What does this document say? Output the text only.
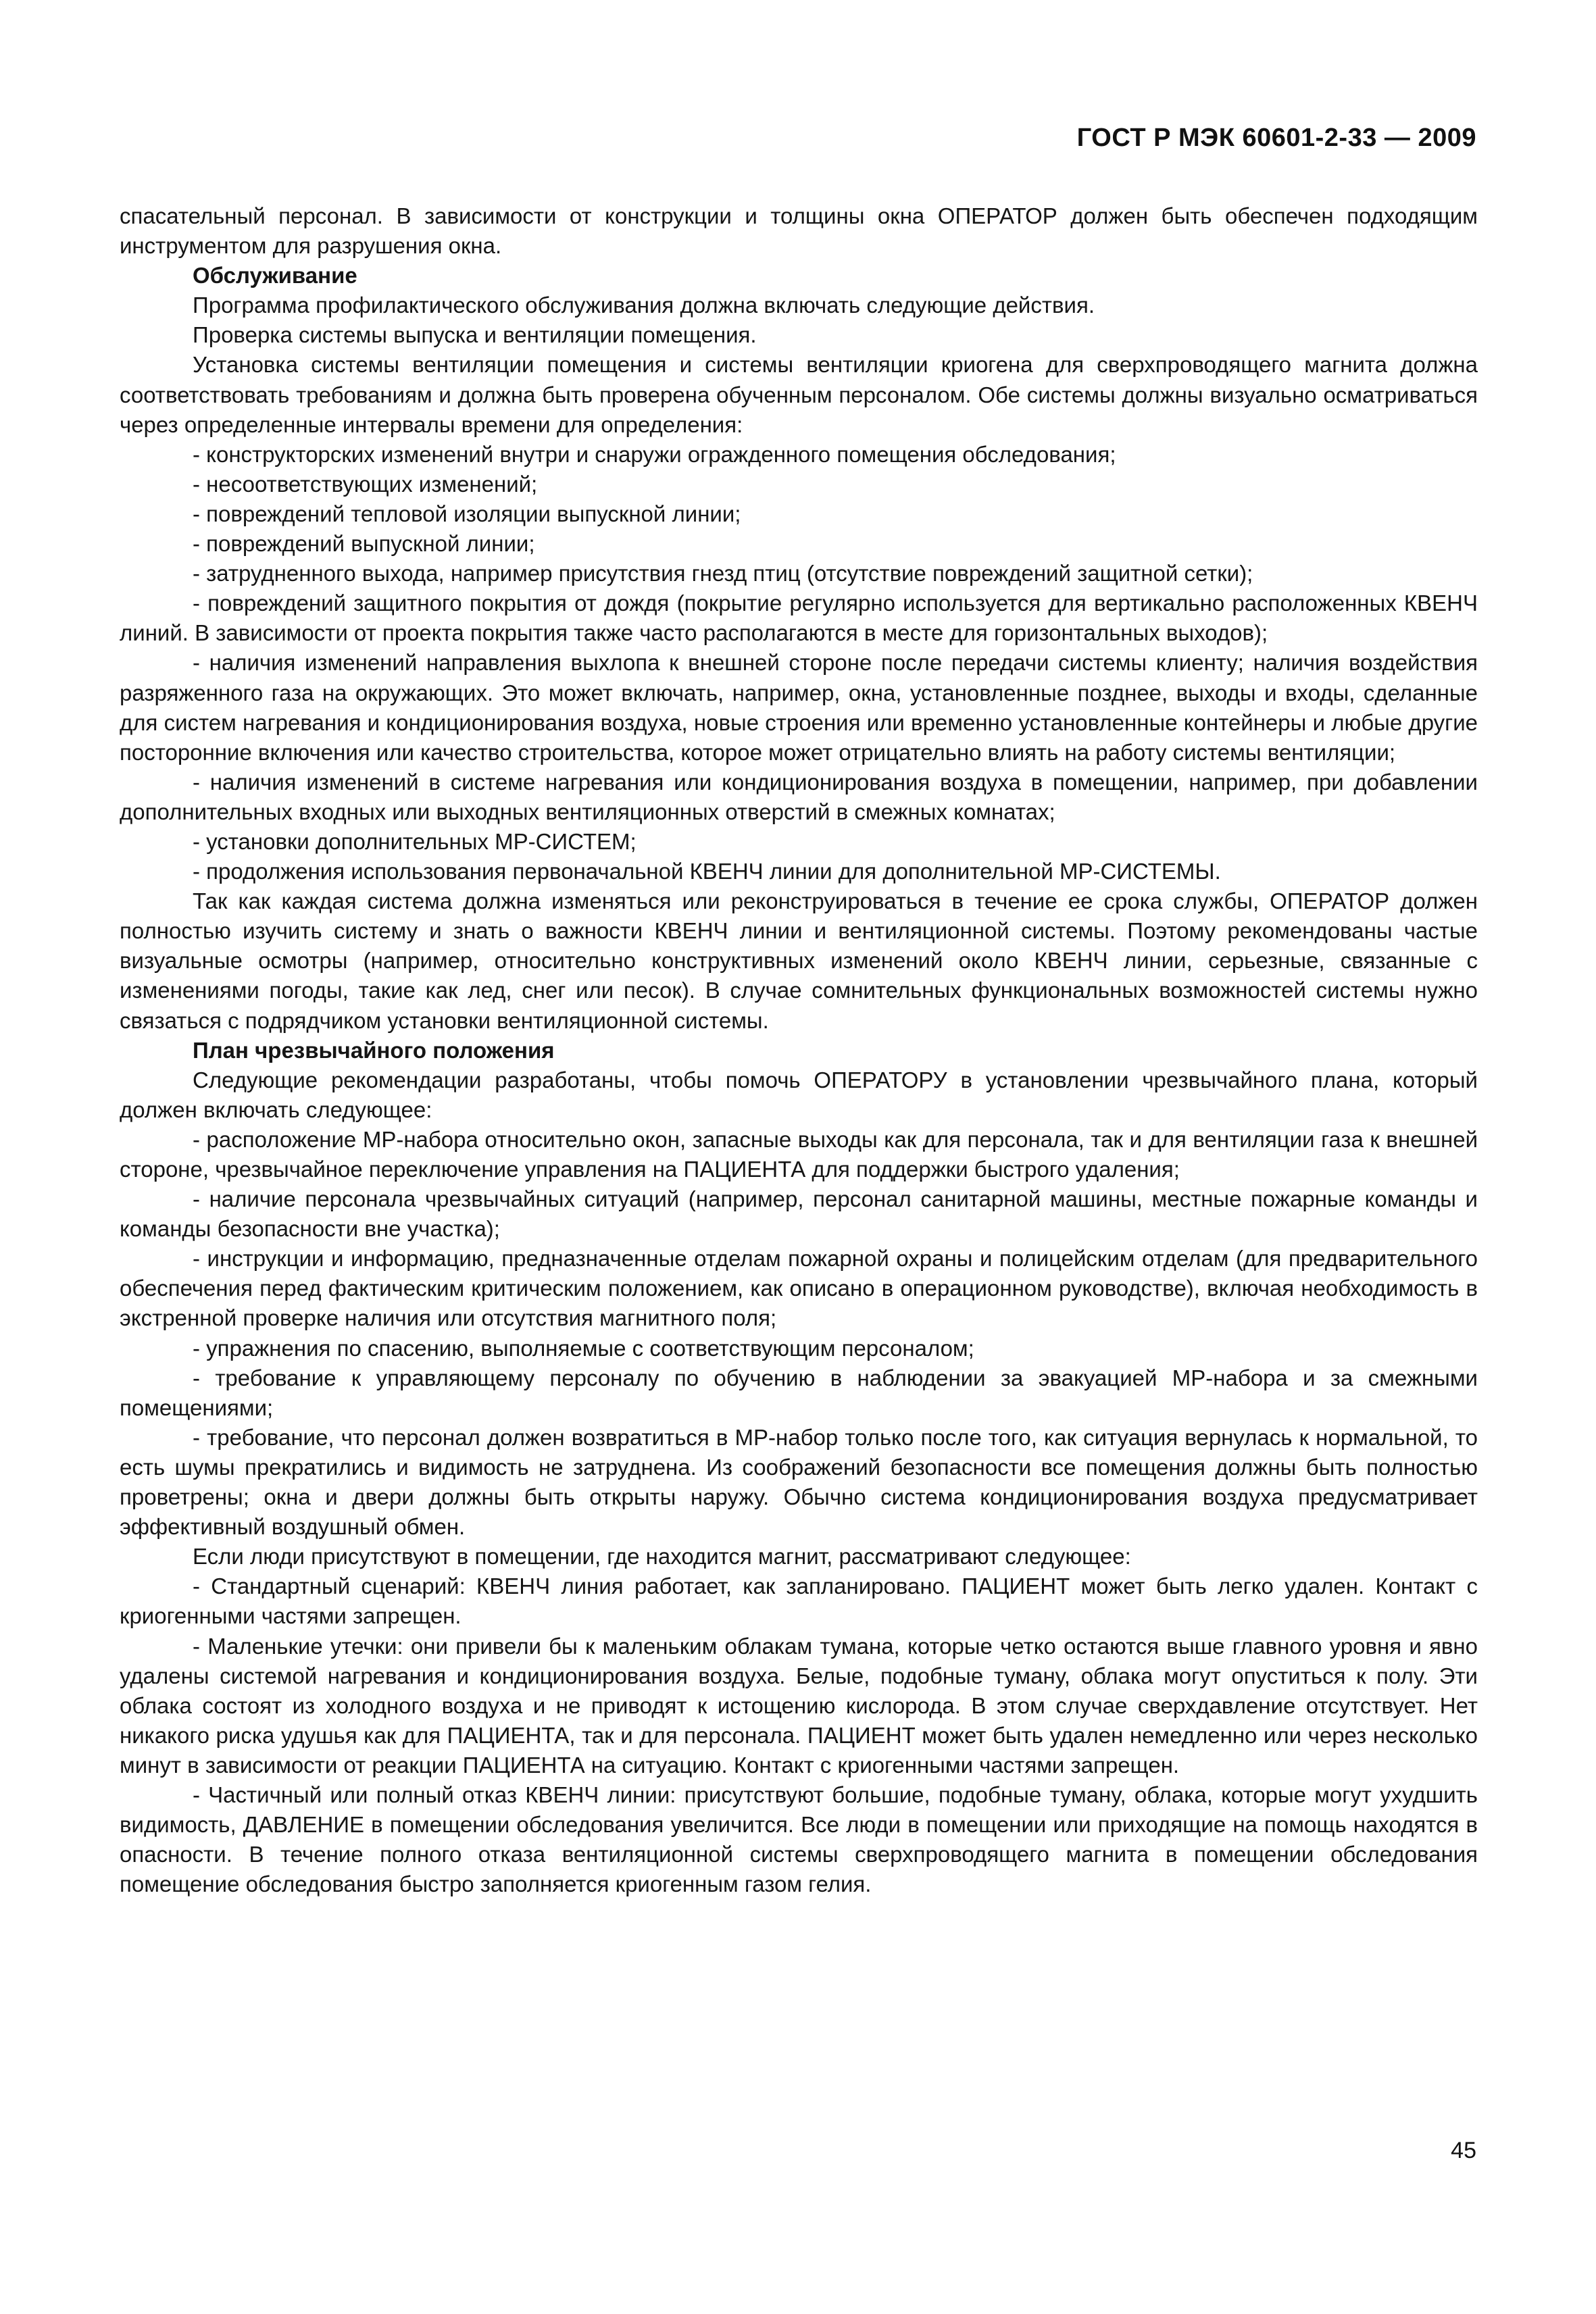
ГОСТ Р МЭК 60601-2-33 — 2009

спасательный персонал. В зависимости от конструкции и толщины окна ОПЕРАТОР должен быть обеспечен подходящим инструментом для разрушения окна.

Обслуживание

Программа профилактического обслуживания должна включать следующие действия.

Проверка системы выпуска и вентиляции помещения.

Установка системы вентиляции помещения и системы вентиляции криогена для сверхпроводящего магнита должна соответствовать требованиям и должна быть проверена обученным персоналом. Обе системы должны визуально осматриваться через определенные интервалы времени для определения:

- конструкторских изменений внутри и снаружи огражденного помещения обследования;

- несоответствующих изменений;

- повреждений тепловой изоляции выпускной линии;

- повреждений выпускной линии;

- затрудненного выхода, например присутствия гнезд птиц (отсутствие повреждений защитной сетки);

- повреждений защитного покрытия от дождя (покрытие регулярно используется для вертикально расположенных КВЕНЧ линий. В зависимости от проекта покрытия также часто располагаются в месте для горизонтальных выходов);

- наличия изменений направления выхлопа к внешней стороне после передачи системы клиенту; наличия воздействия разряженного газа на окружающих. Это может включать, например, окна, установленные позднее, выходы и входы, сделанные для систем нагревания и кондиционирования воздуха, новые строения или временно установленные контейнеры и любые другие посторонние включения или качество строительства, которое может отрицательно влиять на работу системы вентиляции;

- наличия изменений в системе нагревания или кондиционирования воздуха в помещении, например, при добавлении дополнительных входных или выходных вентиляционных отверстий в смежных комнатах;

- установки дополнительных МР-СИСТЕМ;

- продолжения использования первоначальной КВЕНЧ линии для дополнительной МР-СИСТЕМЫ.

Так как каждая система должна изменяться или реконструироваться в течение ее срока службы, ОПЕРАТОР должен полностью изучить систему и знать о важности КВЕНЧ линии и вентиляционной системы. Поэтому рекомендованы частые визуальные осмотры (например, относительно конструктивных изменений около КВЕНЧ линии, серьезные, связанные с изменениями погоды, такие как лед, снег или песок). В случае сомнительных функциональных возможностей системы нужно связаться с подрядчиком установки вентиляционной системы.

План чрезвычайного положения

Следующие рекомендации разработаны, чтобы помочь ОПЕРАТОРУ в установлении чрезвычайного плана, который должен включать следующее:

- расположение МР-набора относительно окон, запасные выходы как для персонала, так и для вентиляции газа к внешней стороне, чрезвычайное переключение управления на ПАЦИЕНТА для поддержки быстрого удаления;

- наличие персонала чрезвычайных ситуаций (например, персонал санитарной машины, местные пожарные команды и команды безопасности вне участка);

- инструкции и информацию, предназначенные отделам пожарной охраны и полицейским отделам (для предварительного обеспечения перед фактическим критическим положением, как описано в операционном руководстве), включая необходимость в экстренной проверке наличия или отсутствия магнитного поля;

- упражнения по спасению, выполняемые с соответствующим персоналом;

- требование к управляющему персоналу по обучению в наблюдении за эвакуацией МР-набора и за смежными помещениями;

- требование, что персонал должен возвратиться в МР-набор только после того, как ситуация вернулась к нормальной, то есть шумы прекратились и видимость не затруднена. Из соображений безопасности все помещения должны быть полностью проветрены; окна и двери должны быть открыты наружу. Обычно система кондиционирования воздуха предусматривает эффективный воздушный обмен.

Если люди присутствуют в помещении, где находится магнит, рассматривают следующее:

- Стандартный сценарий: КВЕНЧ линия работает, как запланировано. ПАЦИЕНТ может быть легко удален. Контакт с криогенными частями запрещен.

- Маленькие утечки: они привели бы к маленьким облакам тумана, которые четко остаются выше главного уровня и явно удалены системой нагревания и кондиционирования воздуха. Белые, подобные туману, облака могут опуститься к полу. Эти облака состоят из холодного воздуха и не приводят к истощению кислорода. В этом случае сверхдавление отсутствует. Нет никакого риска удушья как для ПАЦИЕНТА, так и для персонала. ПАЦИЕНТ может быть удален немедленно или через несколько минут в зависимости от реакции ПАЦИЕНТА на ситуацию. Контакт с криогенными частями запрещен.

- Частичный или полный отказ КВЕНЧ линии: присутствуют большие, подобные туману, облака, которые могут ухудшить видимость, ДАВЛЕНИЕ в помещении обследования увеличится. Все люди в помещении или приходящие на помощь находятся в опасности. В течение полного отказа вентиляционной системы сверхпроводящего магнита в помещении обследования помещение обследования быстро заполняется криогенным газом гелия.

45
